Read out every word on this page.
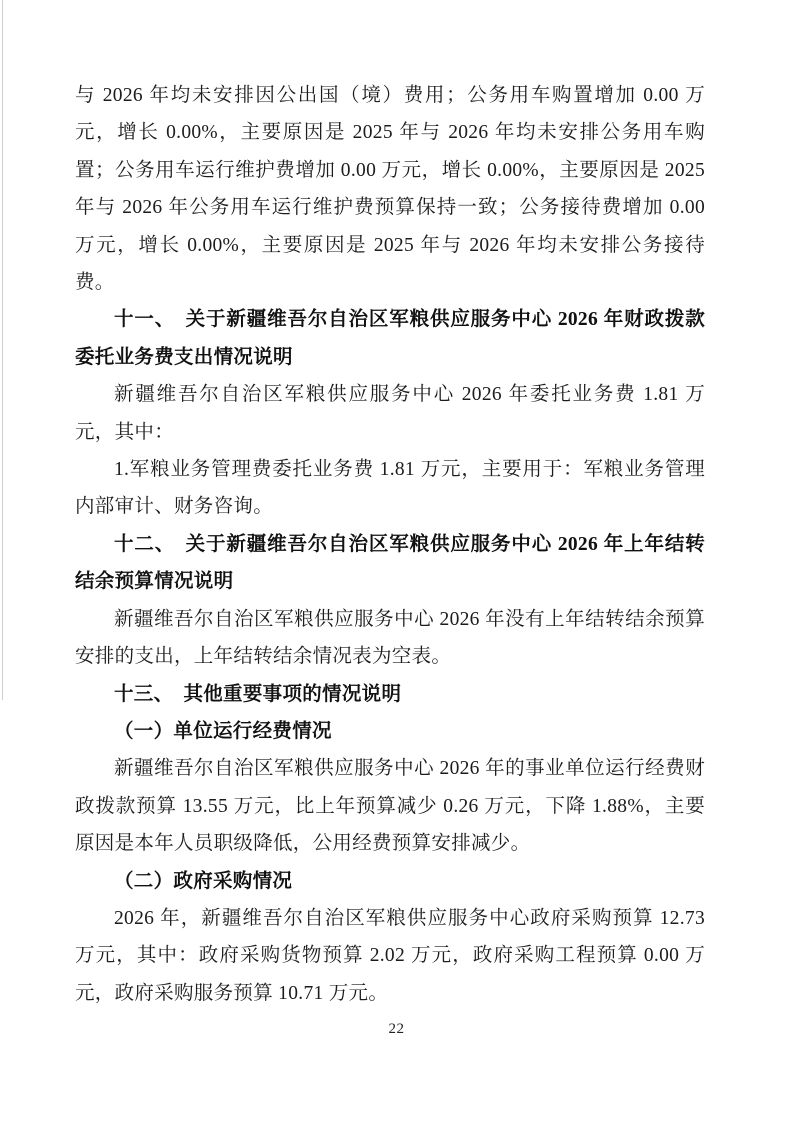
与 2026 年均未安排因公出国（境）费用；公务用车购置增加 0.00 万元，增长 0.00%，主要原因是 2025 年与 2026 年均未安排公务用车购置；公务用车运行维护费增加 0.00 万元，增长 0.00%，主要原因是 2025 年与 2026 年公务用车运行维护费预算保持一致；公务接待费增加 0.00 万元，增长 0.00%，主要原因是 2025 年与 2026 年均未安排公务接待费。

十一、　关于新疆维吾尔自治区军粮供应服务中心 2026 年财政拨款委托业务费支出情况说明

新疆维吾尔自治区军粮供应服务中心 2026 年委托业务费 1.81 万元，其中：

1.军粮业务管理费委托业务费 1.81 万元，主要用于：军粮业务管理内部审计、财务咨询。

十二、　关于新疆维吾尔自治区军粮供应服务中心 2026 年上年结转结余预算情况说明

新疆维吾尔自治区军粮供应服务中心 2026 年没有上年结转结余预算安排的支出，上年结转结余情况表为空表。

十三、　其他重要事项的情况说明

（一）单位运行经费情况

新疆维吾尔自治区军粮供应服务中心 2026 年的事业单位运行经费财政拨款预算 13.55 万元，比上年预算减少 0.26 万元，下降 1.88%，主要原因是本年人员职级降低，公用经费预算安排减少。

（二）政府采购情况

2026 年，新疆维吾尔自治区军粮供应服务中心政府采购预算 12.73 万元，其中：政府采购货物预算 2.02 万元，政府采购工程预算 0.00 万元，政府采购服务预算 10.71 万元。

22
